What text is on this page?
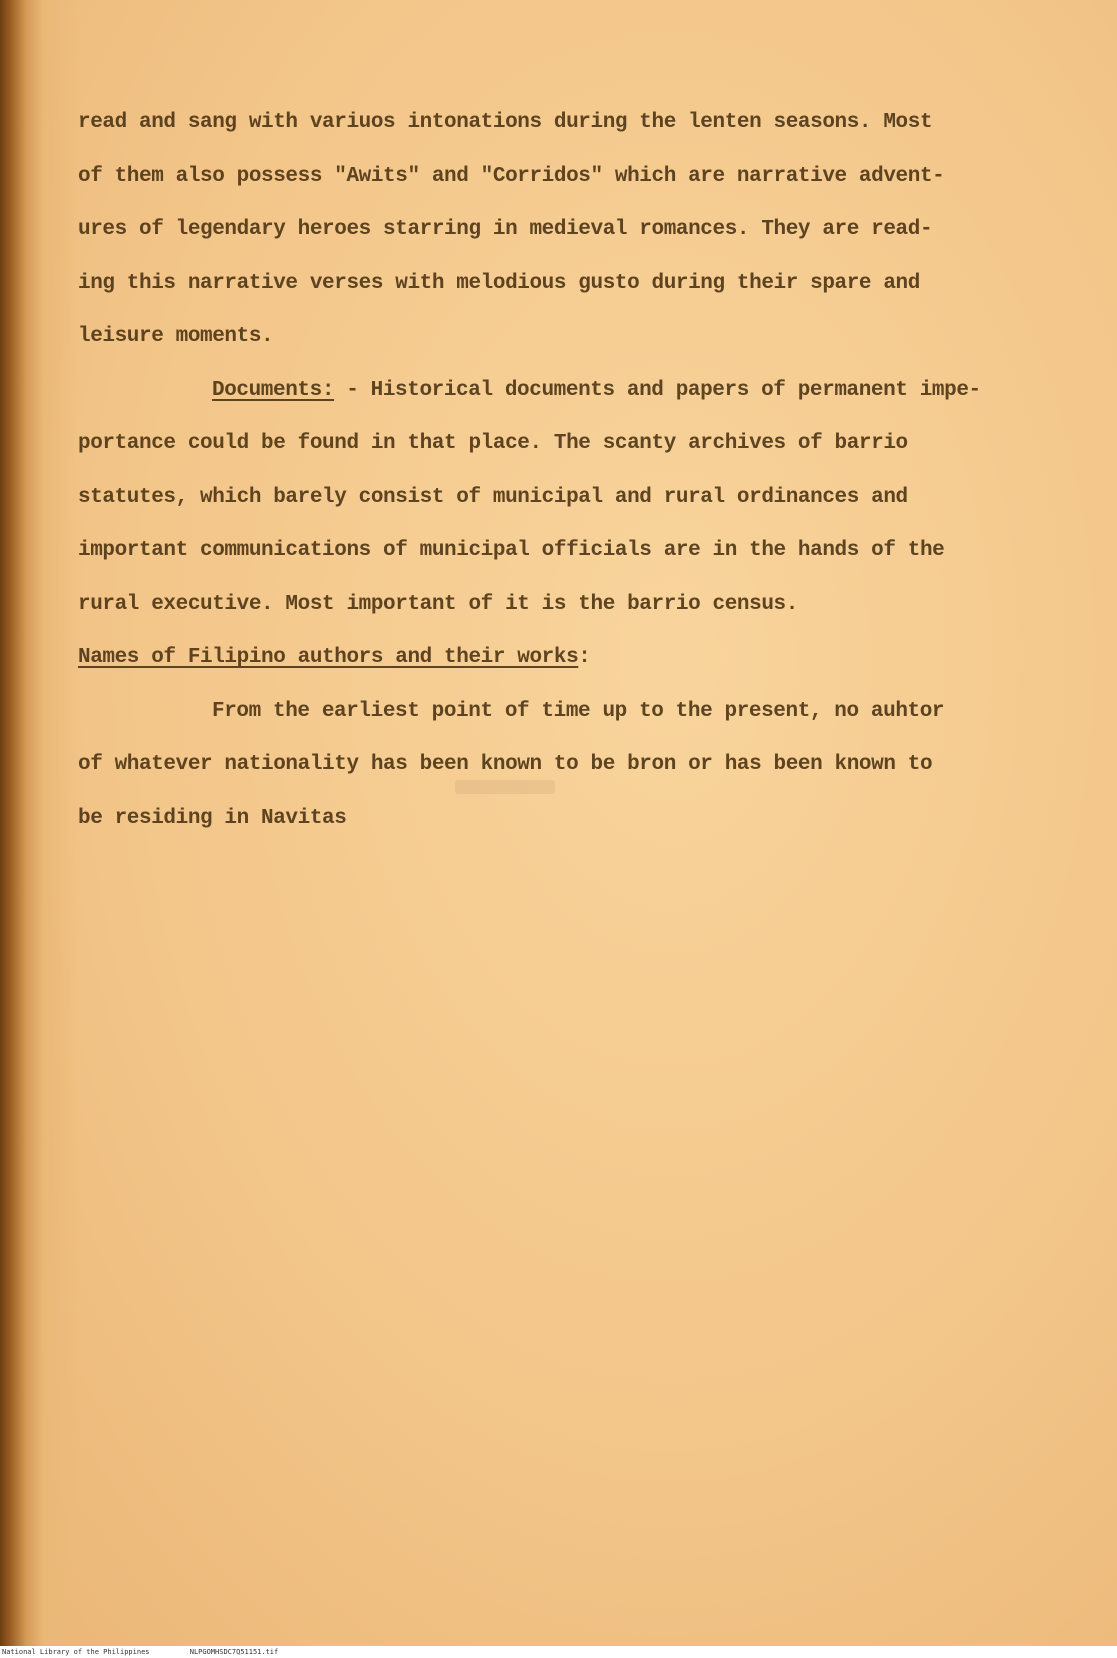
read and sang with variuos intonations during the lenten seasons. Most
of them also possess "Awits" and "Corridos" which are narrative advent-
ures of legendary heroes starring in medieval romances. They are read-
ing this narrative verses with melodious gusto during their spare and
leisure moments.
Documents: - Historical documents and papers of permanent impe-
portance could be found in that place. The scanty archives of barrio
statutes, which barely consist of municipal and rural ordinances and
important communications of municipal officials are in the hands of the
rural executive. Most important of it is the barrio census.
Names of Filipino authors and their works:
From the earliest point of time up to the present, no auhtor
of whatever nationality has been known to be bron or has been known to
be residing in Navitas
National Library of the Philippines	NLPGOMHSDC7Q51151.tif
